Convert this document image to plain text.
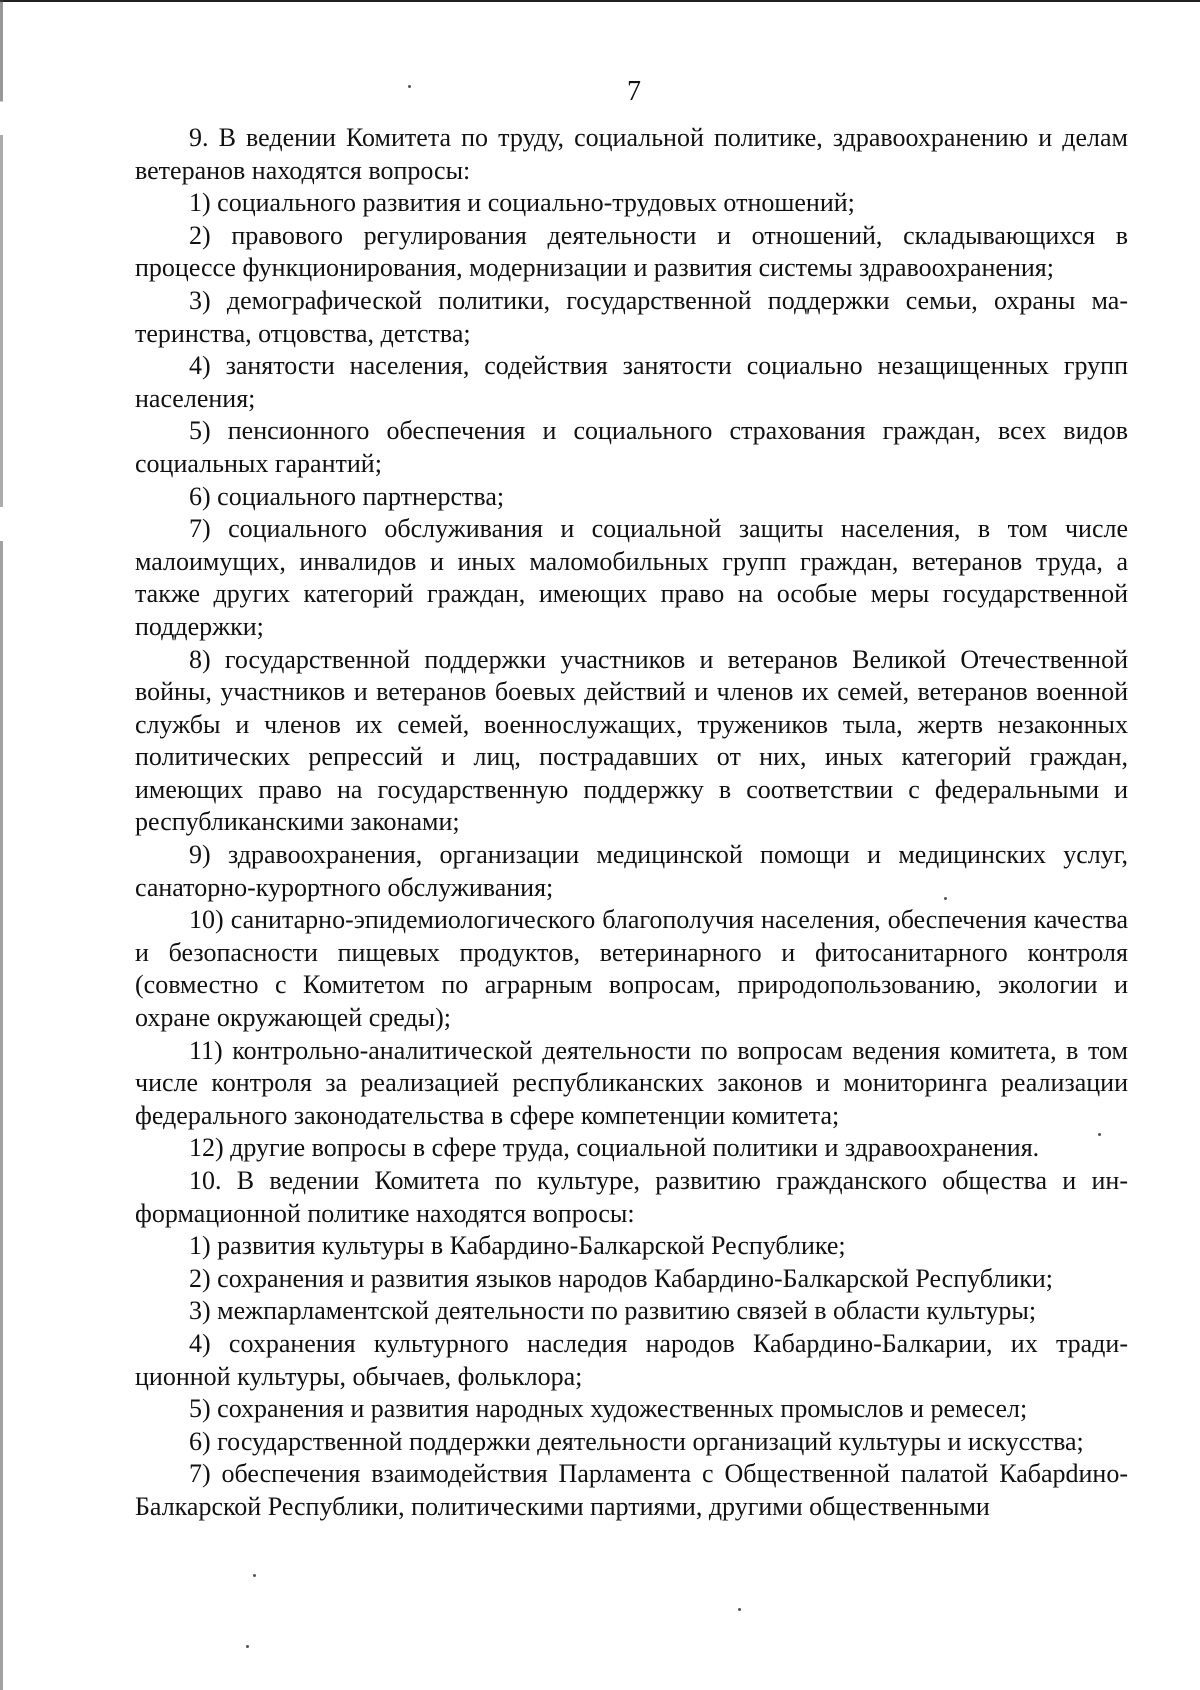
7

9. В ведении Комитета по труду, социальной политике, здравоохранению и делам ветеранов находятся вопросы:

1) социального развития и социально-трудовых отношений;

2) правового регулирования деятельности и отношений, складывающихся в процессе функционирования, модернизации и развития системы здравоохранения;

3) демографической политики, государственной поддержки семьи, охраны материнства, отцовства, детства;

4) занятости населения, содействия занятости социально незащищенных групп населения;

5) пенсионного обеспечения и социального страхования граждан, всех видов социальных гарантий;

6) социального партнерства;

7) социального обслуживания и социальной защиты населения, в том числе малоимущих, инвалидов и иных маломобильных групп граждан, ветеранов труда, а также других категорий граждан, имеющих право на особые меры государственной поддержки;

8) государственной поддержки участников и ветеранов Великой Отечественной войны, участников и ветеранов боевых действий и членов их семей, ветеранов военной службы и членов их семей, военнослужащих, тружеников тыла, жертв незаконных политических репрессий и лиц, пострадавших от них, иных категорий граждан, имеющих право на государственную поддержку в соответствии с федеральными и республиканскими законами;

9) здравоохранения, организации медицинской помощи и медицинских услуг, санаторно-курортного обслуживания;

10) санитарно-эпидемиологического благополучия населения, обеспечения качества и безопасности пищевых продуктов, ветеринарного и фитосанитарного контроля (совместно с Комитетом по аграрным вопросам, природопользованию, экологии и охране окружающей среды);

11) контрольно-аналитической деятельности по вопросам ведения комитета, в том числе контроля за реализацией республиканских законов и мониторинга реализации федерального законодательства в сфере компетенции комитета;

12) другие вопросы в сфере труда, социальной политики и здравоохранения.

10. В ведении Комитета по культуре, развитию гражданского общества и информационной политике находятся вопросы:

1) развития культуры в Кабардино-Балкарской Республике;

2) сохранения и развития языков народов Кабардино-Балкарской Республики;

3) межпарламентской деятельности по развитию связей в области культуры;

4) сохранения культурного наследия народов Кабардино-Балкарии, их традиционной культуры, обычаев, фольклора;

5) сохранения и развития народных художественных промыслов и ремесел;

6) государственной поддержки деятельности организаций культуры и искусства;

7) обеспечения взаимодействия Парламента с Общественной палатой Кабарdино-Балкарской Республики, политическими партиями, другими общественными
